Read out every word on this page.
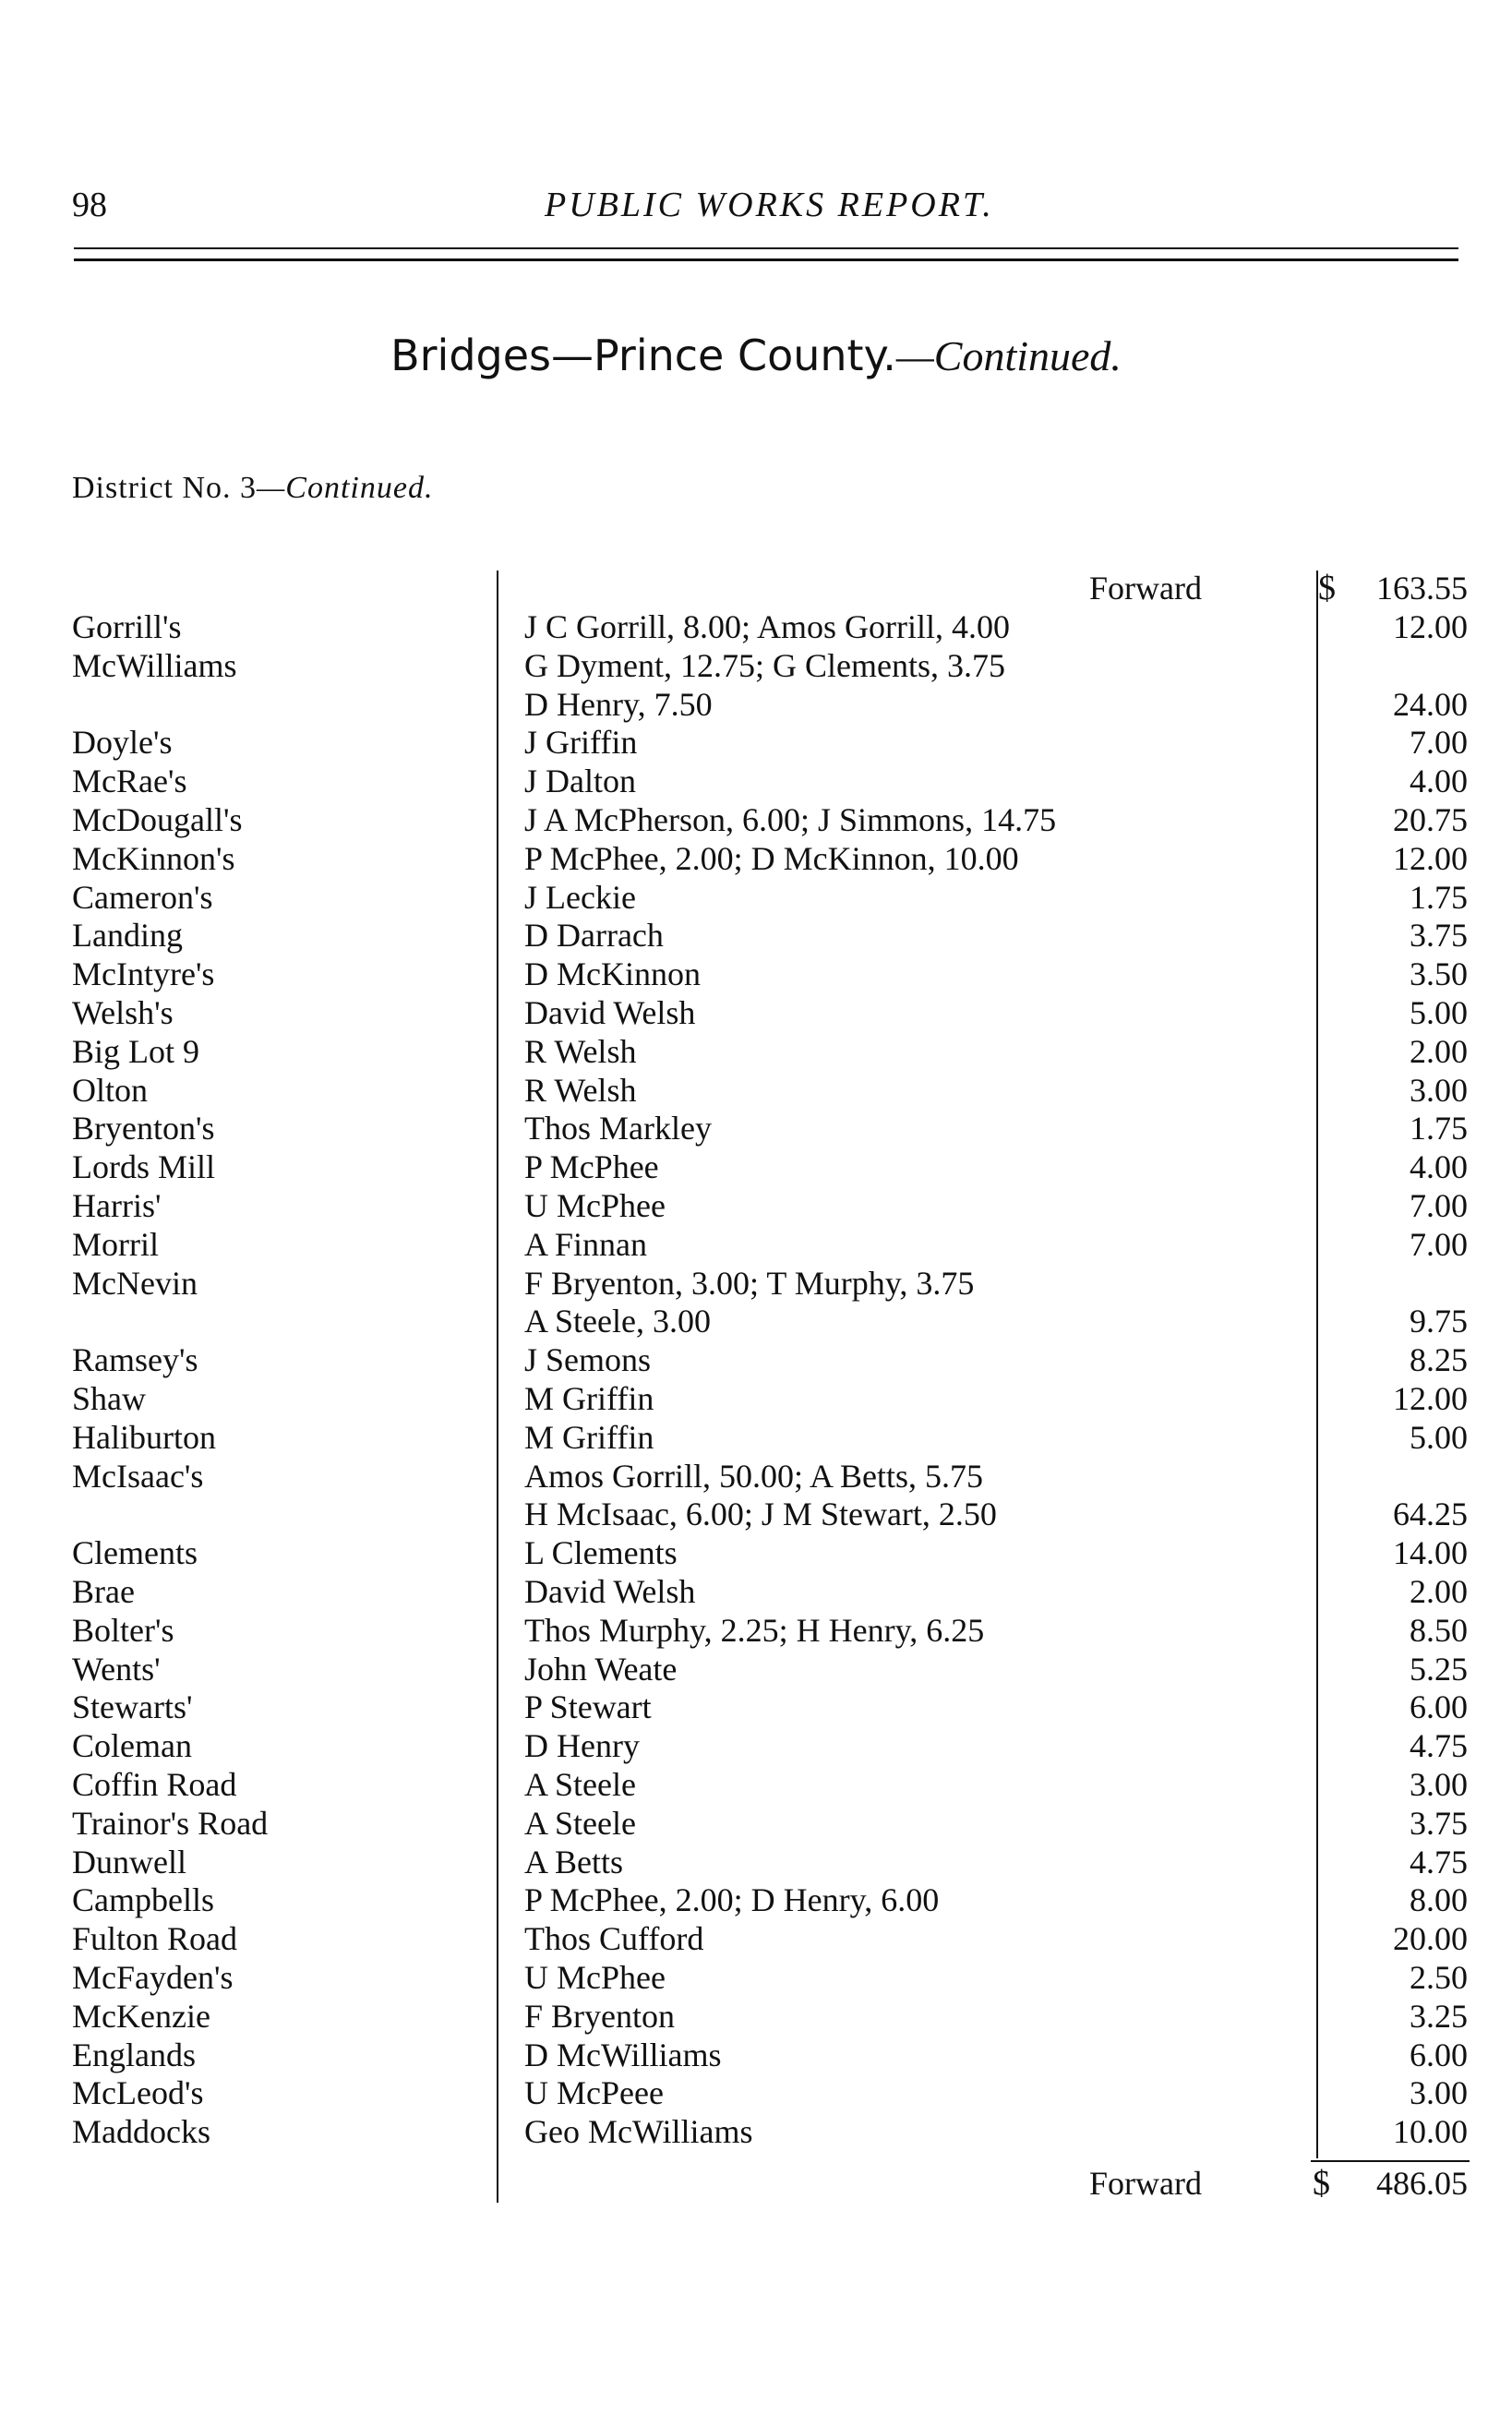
98	PUBLIC WORKS REPORT.
Bridges—Prince County.—Continued.
District No. 3—Continued.
Forward	$ 163.55
Gorrill's	J C Gorrill, 8.00; Amos Gorrill, 4.00	12.00
McWilliams	G Dyment, 12.75; G Clements, 3.75
D Henry, 7.50	24.00
Doyle's	J Griffin	7.00
McRae's	J Dalton	4.00
McDougall's	J A McPherson, 6.00; J Simmons, 14.75	20.75
McKinnon's	P McPhee, 2.00; D McKinnon, 10.00	12.00
Cameron's	J Leckie	1.75
Landing	D Darrach	3.75
McIntyre's	D McKinnon	3.50
Welsh's	David Welsh	5.00
Big Lot 9	R Welsh	2.00
Olton	R Welsh	3.00
Bryenton's	Thos Markley	1.75
Lords Mill	P McPhee	4.00
Harris'	U McPhee	7.00
Morril	A Finnan	7.00
McNevin	F Bryenton, 3.00; T Murphy, 3.75
A Steele, 3.00	9.75
Ramsey's	J Semons	8.25
Shaw	M Griffin	12.00
Haliburton	M Griffin	5.00
McIsaac's	Amos Gorrill, 50.00; A Betts, 5.75
H McIsaac, 6.00; J M Stewart, 2.50	64.25
Clements	L Clements	14.00
Brae	David Welsh	2.00
Bolter's	Thos Murphy, 2.25; H Henry, 6.25	8.50
Wents'	John Weate	5.25
Stewarts'	P Stewart	6.00
Coleman	D Henry	4.75
Coffin Road	A Steele	3.00
Trainor's Road	A Steele	3.75
Dunwell	A Betts	4.75
Campbells	P McPhee, 2.00; D Henry, 6.00	8.00
Fulton Road	Thos Cufford	20.00
McFayden's	U McPhee	2.50
McKenzie	F Bryenton	3.25
Englands	D McWilliams	6.00
McLeod's	U McPeee	3.00
Maddocks	Geo McWilliams	10.00
Forward	$ 486.05
